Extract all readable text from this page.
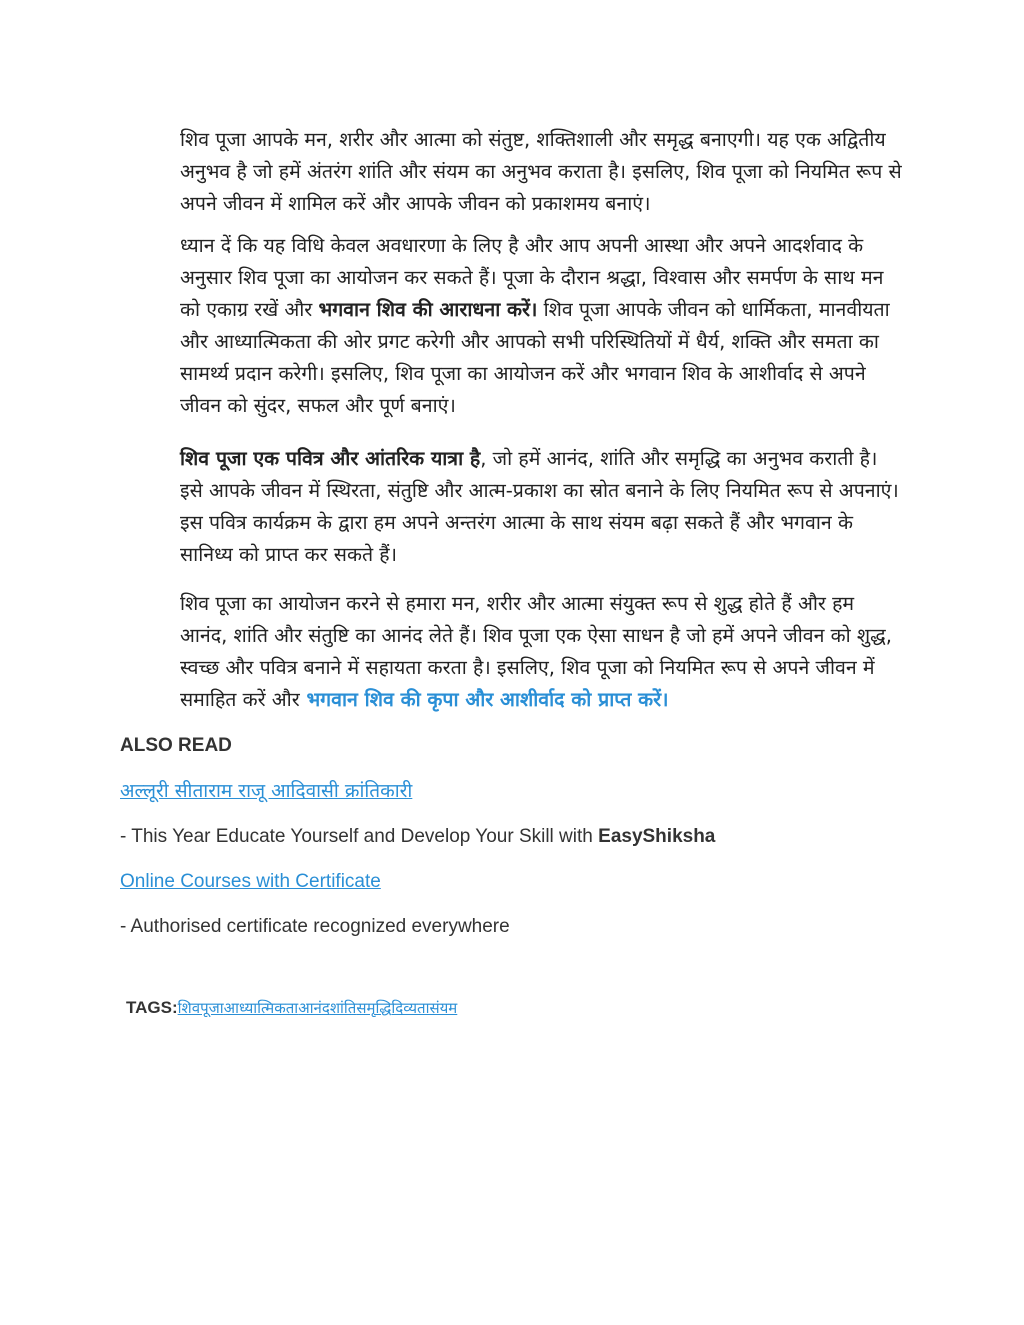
शिव पूजा आपके मन, शरीर और आत्मा को संतुष्ट, शक्तिशाली और समृद्ध बनाएगी। यह एक अद्वितीय अनुभव है जो हमें अंतरंग शांति और संयम का अनुभव कराता है। इसलिए, शिव पूजा को नियमित रूप से अपने जीवन में शामिल करें और आपके जीवन को प्रकाशमय बनाएं।

ध्यान दें कि यह विधि केवल अवधारणा के लिए है और आप अपनी आस्था और अपने आदर्शवाद के अनुसार शिव पूजा का आयोजन कर सकते हैं। पूजा के दौरान श्रद्धा, विश्वास और समर्पण के साथ मन को एकाग्र रखें और भगवान शिव की आराधना करें। शिव पूजा आपके जीवन को धार्मिकता, मानवीयता और आध्यात्मिकता की ओर प्रगट करेगी और आपको सभी परिस्थितियों में धैर्य, शक्ति और समता का सामर्थ्य प्रदान करेगी। इसलिए, शिव पूजा का आयोजन करें और भगवान शिव के आशीर्वाद से अपने जीवन को सुंदर, सफल और पूर्ण बनाएं।

शिव पूजा एक पवित्र और आंतरिक यात्रा है, जो हमें आनंद, शांति और समृद्धि का अनुभव कराती है। इसे आपके जीवन में स्थिरता, संतुष्टि और आत्म-प्रकाश का स्रोत बनाने के लिए नियमित रूप से अपनाएं। इस पवित्र कार्यक्रम के द्वारा हम अपने अन्तरंग आत्मा के साथ संयम बढ़ा सकते हैं और भगवान के सानिध्य को प्राप्त कर सकते हैं।

शिव पूजा का आयोजन करने से हमारा मन, शरीर और आत्मा संयुक्त रूप से शुद्ध होते हैं और हम आनंद, शांति और संतुष्टि का आनंद लेते हैं। शिव पूजा एक ऐसा साधन है जो हमें अपने जीवन को शुद्ध, स्वच्छ और पवित्र बनाने में सहायता करता है। इसलिए, शिव पूजा को नियमित रूप से अपने जीवन में समाहित करें और भगवान शिव की कृपा और आशीर्वाद को प्राप्त करें।

ALSO READ
अल्लूरी सीताराम राजू आदिवासी क्रांतिकारी
- This Year Educate Yourself and Develop Your Skill with EasyShiksha
Online Courses with Certificate
- Authorised certificate recognized everywhere
TAGS:शिवपूजाआध्यात्मिकताआनंदशांतिसमृद्धिदिव्यतासंयम
